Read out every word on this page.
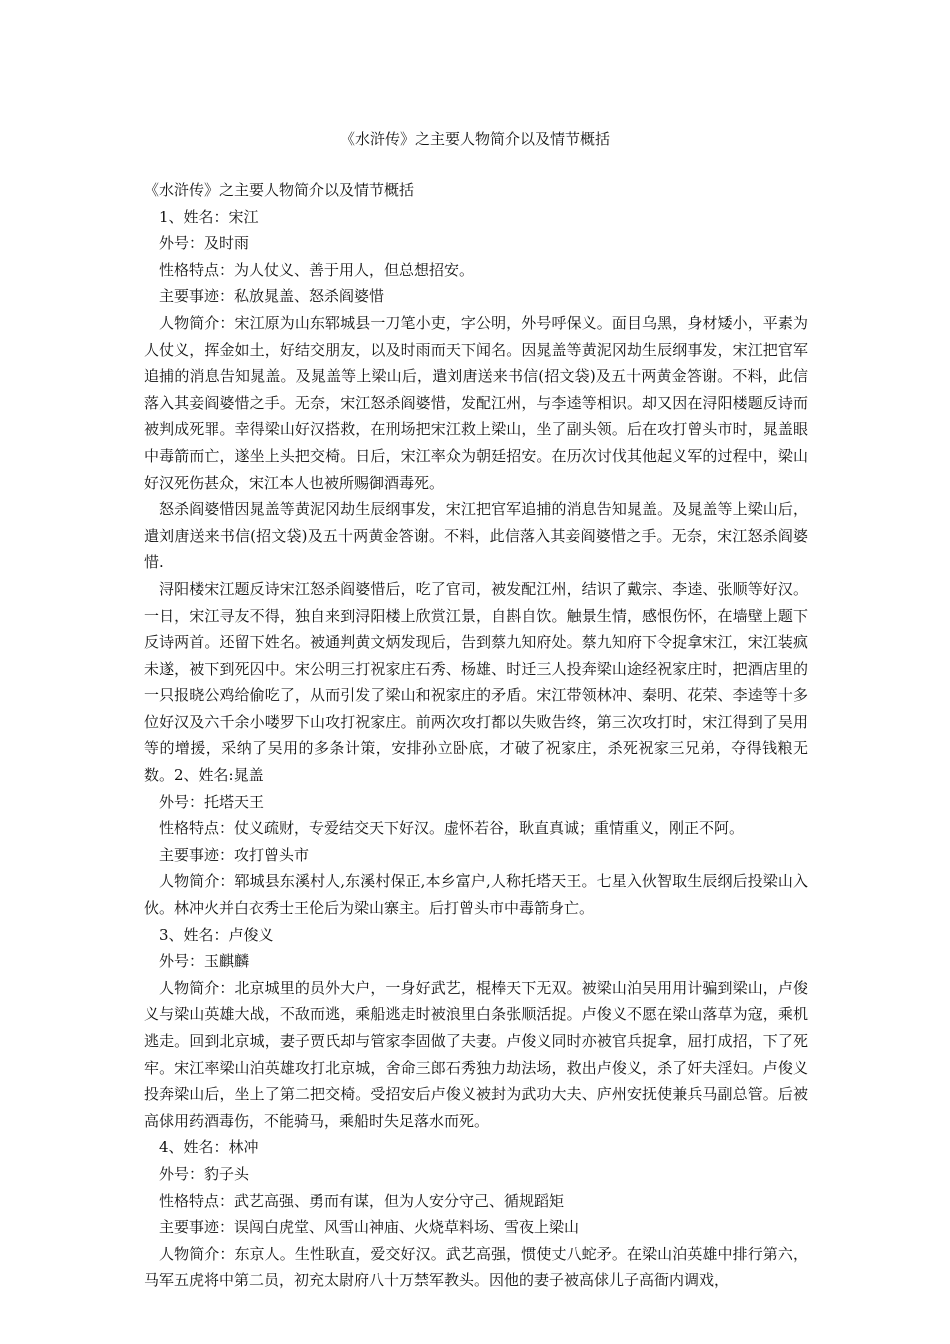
《水浒传》之主要人物简介以及情节概括

《水浒传》之主要人物简介以及情节概括

1、姓名：宋江

外号：及时雨

性格特点：为人仗义、善于用人，但总想招安。

主要事迹：私放晁盖、怒杀阎婆惜

人物简介：宋江原为山东郓城县一刀笔小吏，字公明，外号呼保义。面目乌黑，身材矮小，平素为人仗义，挥金如土，好结交朋友，以及时雨而天下闻名。因晁盖等黄泥冈劫生辰纲事发，宋江把官军追捕的消息告知晁盖。及晁盖等上梁山后，遣刘唐送来书信(招文袋)及五十两黄金答谢。不料，此信落入其妾阎婆惜之手。无奈，宋江怒杀阎婆惜，发配江州，与李逵等相识。却又因在浔阳楼题反诗而被判成死罪。幸得梁山好汉搭救，在刑场把宋江救上梁山，坐了副头领。后在攻打曾头市时，晁盖眼中毒箭而亡，遂坐上头把交椅。日后，宋江率众为朝廷招安。在历次讨伐其他起义军的过程中，梁山好汉死伤甚众，宋江本人也被所赐御酒毒死。

怒杀阎婆惜因晁盖等黄泥冈劫生辰纲事发，宋江把官军追捕的消息告知晁盖。及晁盖等上梁山后，遣刘唐送来书信(招文袋)及五十两黄金答谢。不料，此信落入其妾阎婆惜之手。无奈，宋江怒杀阎婆惜.

浔阳楼宋江题反诗宋江怒杀阎婆惜后，吃了官司，被发配江州，结识了戴宗、李逵、张顺等好汉。一日，宋江寻友不得，独自来到浔阳楼上欣赏江景，自斟自饮。触景生情，感恨伤怀，在墙壁上题下反诗两首。还留下姓名。被通判黄文炳发现后，告到蔡九知府处。蔡九知府下令捉拿宋江，宋江装疯未遂，被下到死囚中。宋公明三打祝家庄石秀、杨雄、时迁三人投奔梁山途经祝家庄时，把酒店里的一只报晓公鸡给偷吃了，从而引发了梁山和祝家庄的矛盾。宋江带领林冲、秦明、花荣、李逵等十多位好汉及六千余小喽罗下山攻打祝家庄。前两次攻打都以失败告终，第三次攻打时，宋江得到了吴用等的增援，采纳了吴用的多条计策，安排孙立卧底，才破了祝家庄，杀死祝家三兄弟，夺得钱粮无数。2、姓名:晁盖

外号：托塔天王

性格特点：仗义疏财，专爱结交天下好汉。虚怀若谷，耿直真诚；重情重义，刚正不阿。

主要事迹：攻打曾头市

人物简介：郓城县东溪村人,东溪村保正,本乡富户,人称托塔天王。七星入伙智取生辰纲后投梁山入伙。林冲火并白衣秀士王伦后为梁山寨主。后打曾头市中毒箭身亡。

3、姓名：卢俊义

外号：玉麒麟

人物简介：北京城里的员外大户，一身好武艺，棍棒天下无双。被梁山泊吴用用计骗到梁山，卢俊义与梁山英雄大战，不敌而逃，乘船逃走时被浪里白条张顺活捉。卢俊义不愿在梁山落草为寇，乘机逃走。回到北京城，妻子贾氏却与管家李固做了夫妻。卢俊义同时亦被官兵捉拿，屈打成招，下了死牢。宋江率梁山泊英雄攻打北京城，舍命三郎石秀独力劫法场，救出卢俊义，杀了奸夫淫妇。卢俊义投奔梁山后，坐上了第二把交椅。受招安后卢俊义被封为武功大夫、庐州安抚使兼兵马副总管。后被高俅用药酒毒伤，不能骑马，乘船时失足落水而死。

4、姓名：林冲

外号：豹子头

性格特点：武艺高强、勇而有谋，但为人安分守己、循规蹈矩

主要事迹：误闯白虎堂、风雪山神庙、火烧草料场、雪夜上梁山

人物简介：东京人。生性耿直，爱交好汉。武艺高强，惯使丈八蛇矛。在梁山泊英雄中排行第六，马军五虎将中第二员，初充太尉府八十万禁军教头。因他的妻子被高俅儿子高衙内调戏，
